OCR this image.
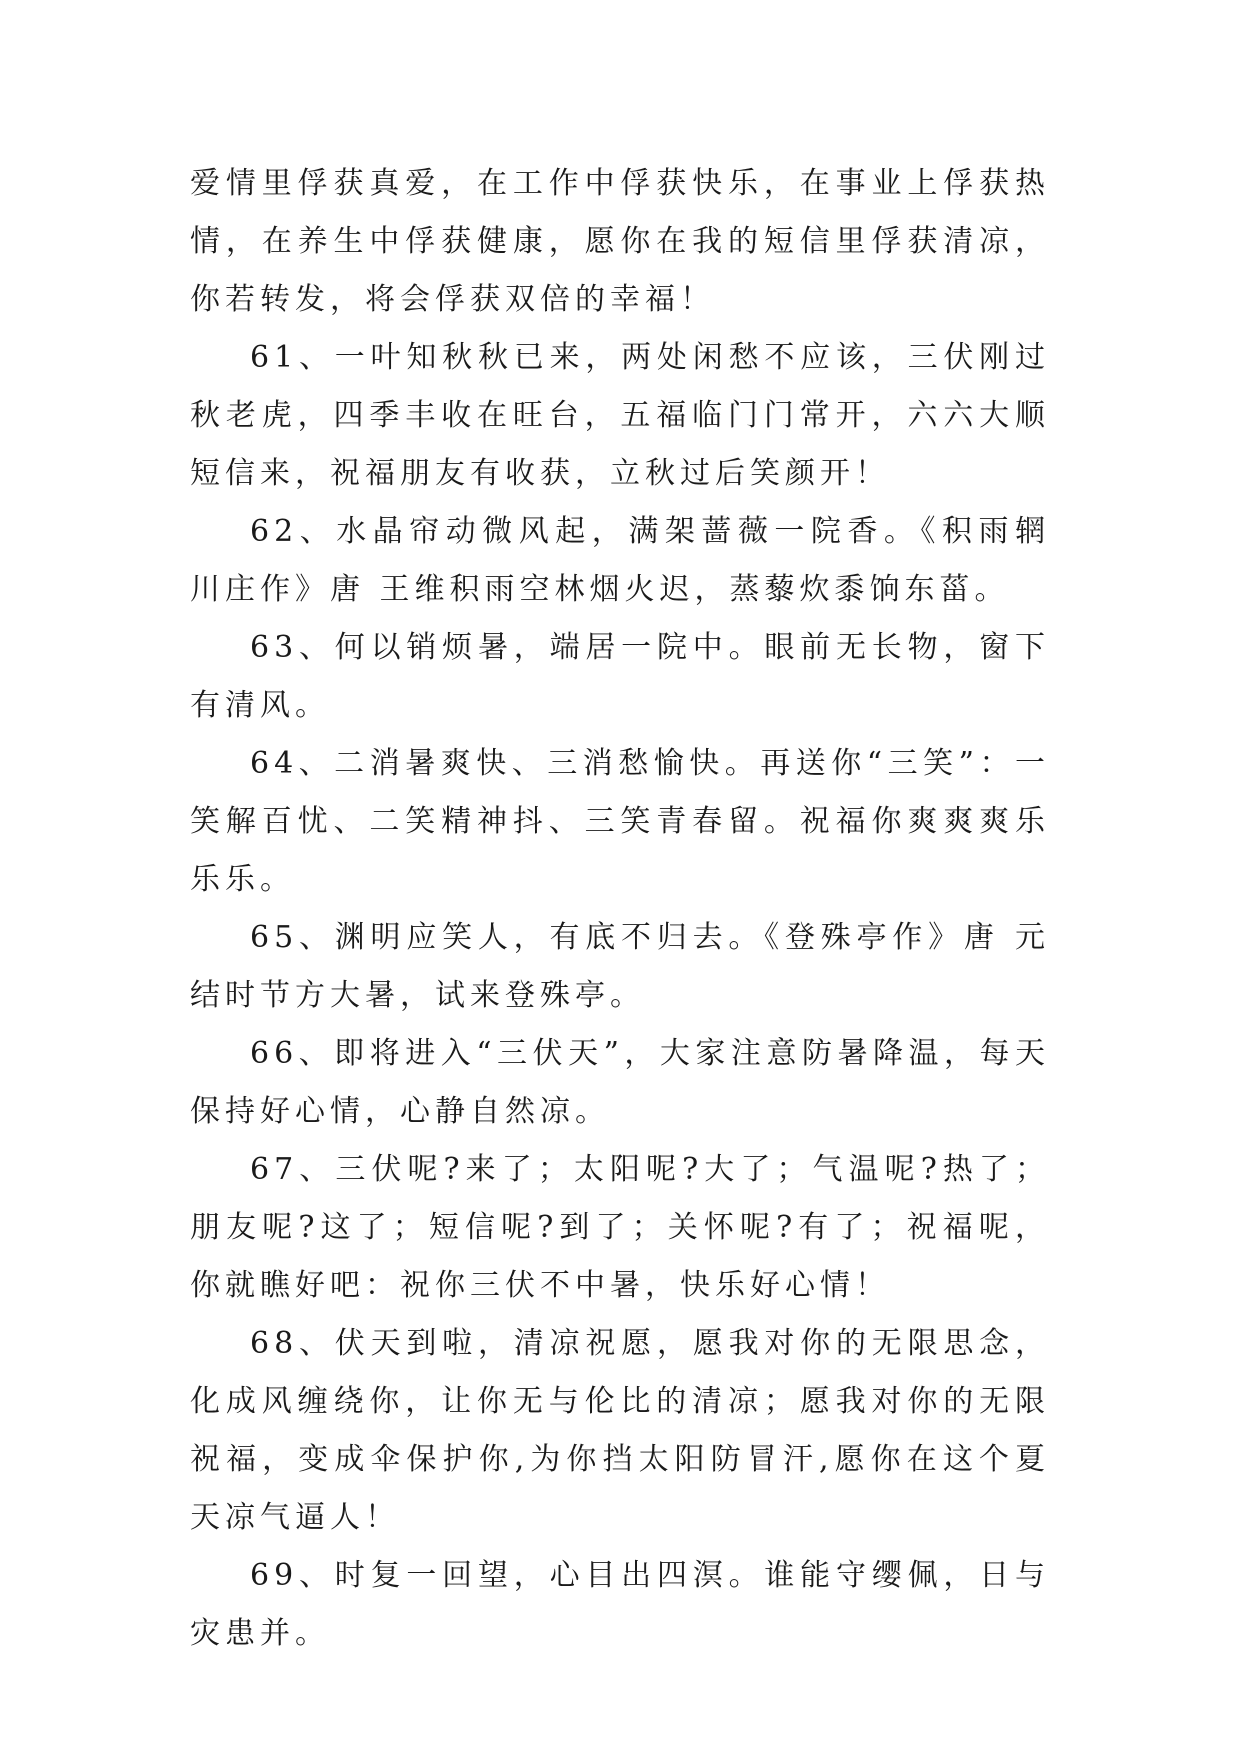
爱情里俘获真爱，在工作中俘获快乐，在事业上俘获热情，在养生中俘获健康，愿你在我的短信里俘获清凉，你若转发，将会俘获双倍的幸福！

61、一叶知秋秋已来，两处闲愁不应该，三伏刚过秋老虎，四季丰收在旺台，五福临门门常开，六六大顺短信来，祝福朋友有收获，立秋过后笑颜开！

62、水晶帘动微风起，满架蔷薇一院香。《积雨辋川庄作》唐 王维积雨空林烟火迟，蒸藜炊黍饷东菑。

63、何以销烦暑，端居一院中。眼前无长物，窗下有清风。

64、二消暑爽快、三消愁愉快。再送你“三笑”：一笑解百忧、二笑精神抖、三笑青春留。祝福你爽爽爽乐乐乐。

65、渊明应笑人，有底不归去。《登殊亭作》唐 元结时节方大暑，试来登殊亭。

66、即将进入“三伏天”，大家注意防暑降温，每天保持好心情，心静自然凉。

67、三伏呢?来了；太阳呢?大了；气温呢?热了；朋友呢?这了；短信呢?到了；关怀呢?有了；祝福呢，你就瞧好吧：祝你三伏不中暑，快乐好心情！

68、伏天到啦，清凉祝愿，愿我对你的无限思念，化成风缠绕你，让你无与伦比的清凉；愿我对你的无限祝福，变成伞保护你,为你挡太阳防冒汗,愿你在这个夏天凉气逼人！

69、时复一回望，心目出四溟。谁能守缨佩，日与灾患并。
